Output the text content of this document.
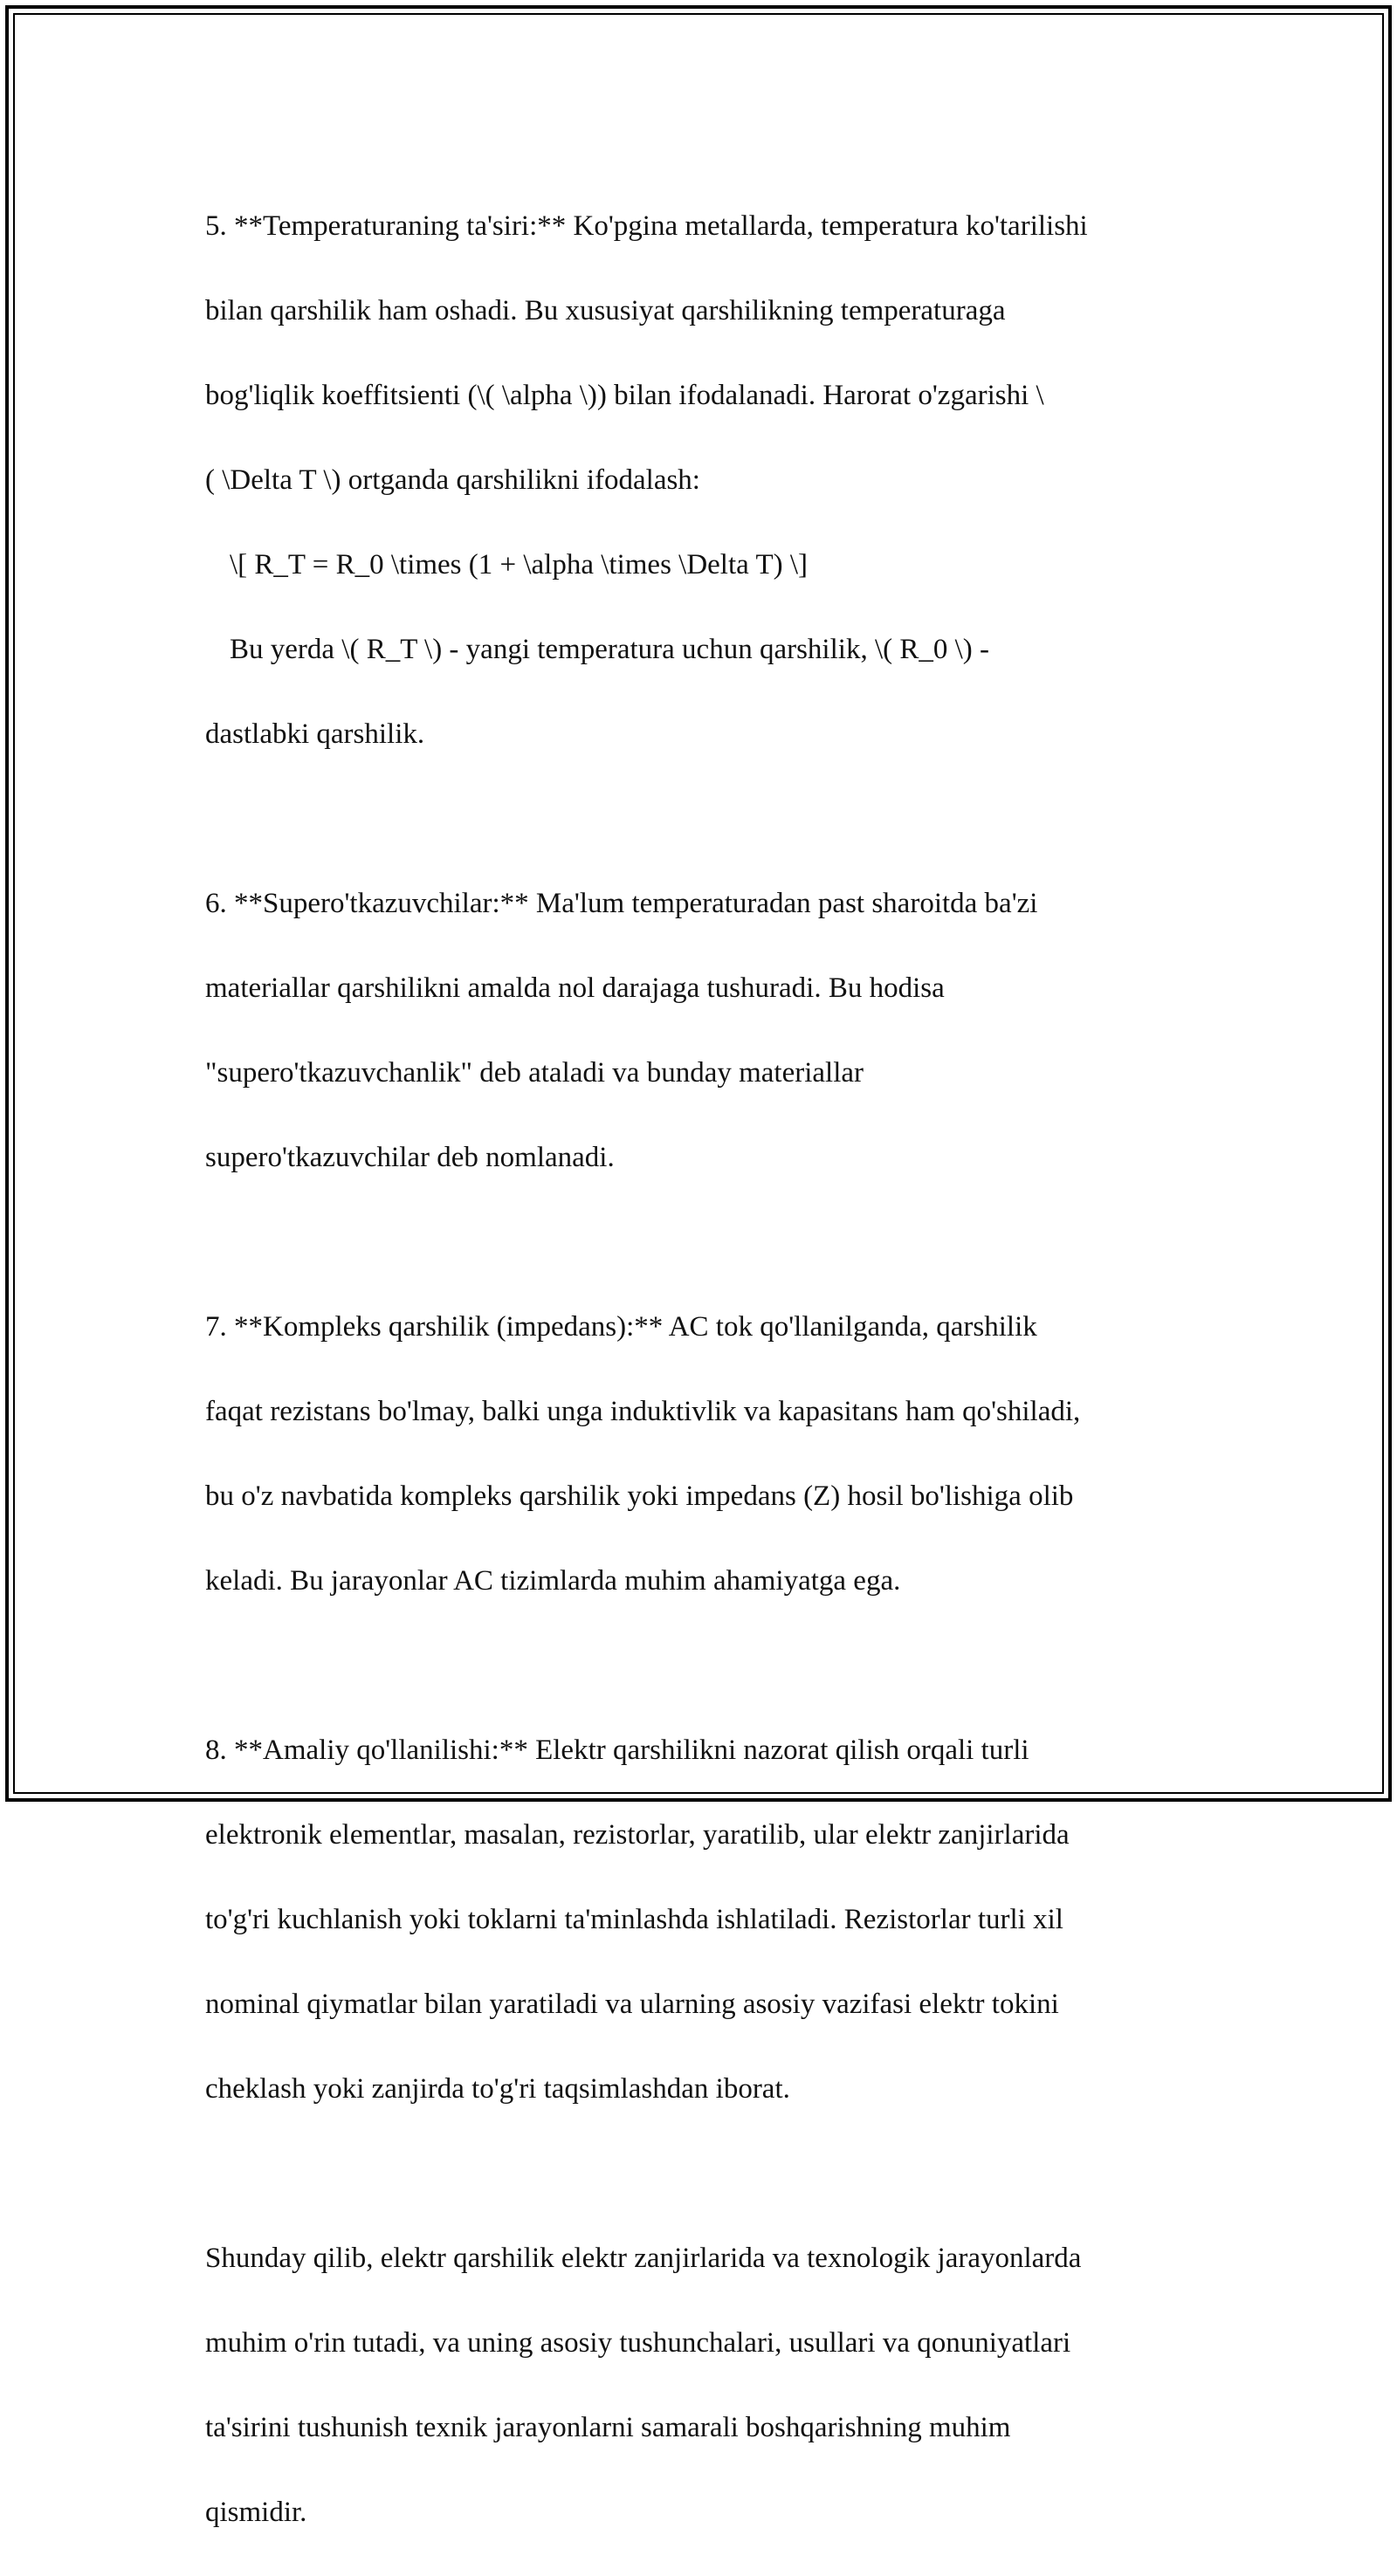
5. **Temperaturaning ta'siri:** Ko'pgina metallarda, temperatura ko'tarilishi

bilan qarshilik ham oshadi. Bu xususiyat qarshilikning temperaturaga

bog'liqlik koeffitsienti (\( \alpha \)) bilan ifodalanadi. Harorat o'zgarishi \

( \Delta T \) ortganda qarshilikni ifodalash:

\[ R_T = R_0 \times (1 + \alpha \times \Delta T) \]

Bu yerda \( R_T \) - yangi temperatura uchun qarshilik, \( R_0 \) -

dastlabki qarshilik.

6. **Supero'tkazuvchilar:** Ma'lum temperaturadan past sharoitda ba'zi

materiallar qarshilikni amalda nol darajaga tushuradi. Bu hodisa

"supero'tkazuvchanlik" deb ataladi va bunday materiallar

supero'tkazuvchilar deb nomlanadi.

7. **Kompleks qarshilik (impedans):** AC tok qo'llanilganda, qarshilik

faqat rezistans bo'lmay, balki unga induktivlik va kapasitans ham qo'shiladi,

bu o'z navbatida kompleks qarshilik yoki impedans (Z) hosil bo'lishiga olib

keladi. Bu jarayonlar AC tizimlarda muhim ahamiyatga ega.

8. **Amaliy qo'llanilishi:** Elektr qarshilikni nazorat qilish orqali turli

elektronik elementlar, masalan, rezistorlar, yaratilib, ular elektr zanjirlarida

to'g'ri kuchlanish yoki toklarni ta'minlashda ishlatiladi. Rezistorlar turli xil

nominal qiymatlar bilan yaratiladi va ularning asosiy vazifasi elektr tokini

cheklash yoki zanjirda to'g'ri taqsimlashdan iborat.

Shunday qilib, elektr qarshilik elektr zanjirlarida va texnologik jarayonlarda

muhim o'rin tutadi, va uning asosiy tushunchalari, usullari va qonuniyatlari

ta'sirini tushunish texnik jarayonlarni samarali boshqarishning muhim

qismidir.
